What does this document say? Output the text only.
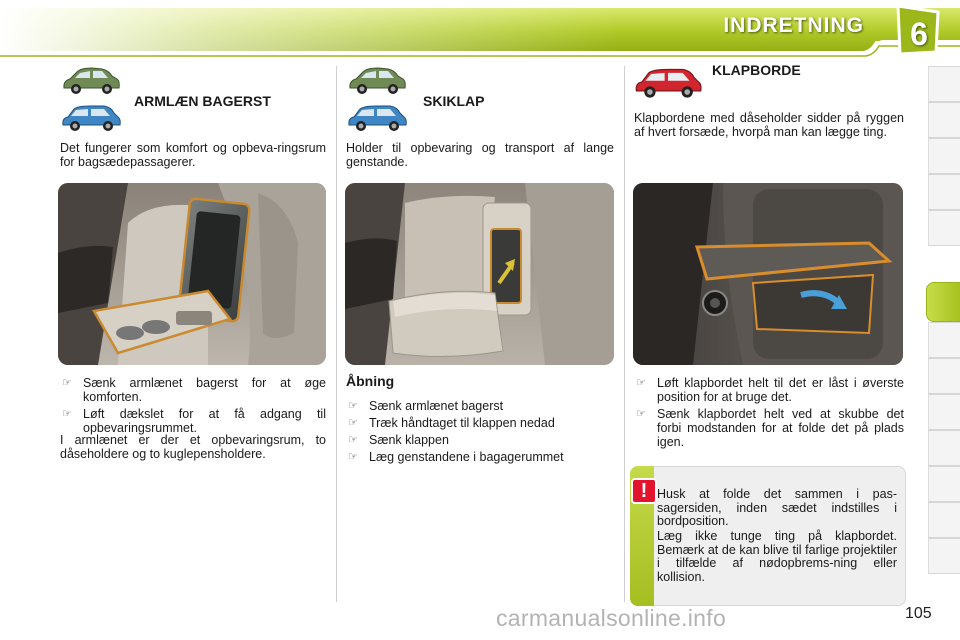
INDRETNING	6
ARMLÆN BAGERST
Det fungerer som komfort og opbeva-ringsrum for bagsædepassagerer.
☞ Sænk armlænet bagerst for at øge komforten.
☞ Løft dækslet for at få adgang til opbevaringsrummet.
I armlænet er der et opbevaringsrum, to dåseholdere og to kuglepensholdere.
SKIKLAP
Holder til opbevaring og transport af lange genstande.
Åbning
☞ Sænk armlænet bagerst
☞ Træk håndtaget til klappen nedad
☞ Sænk klappen
☞ Læg genstandene i bagagerummet
KLAPBORDE
Klapbordene med dåseholder sidder på ryggen af hvert forsæde, hvorpå man kan lægge ting.
☞ Løft klapbordet helt til det er låst i øverste position for at bruge det.
☞ Sænk klapbordet helt ved at skubbe det forbi modstanden for at folde det på plads igen.
! Husk at folde det sammen i pas-sagersiden, inden sædet indstilles i bordposition.
Læg ikke tunge ting på klapbordet. Bemærk at de kan blive til farlige projektiler i tilfælde af nødopbrems-ning eller kollision.
carmanualsonline.info	105
